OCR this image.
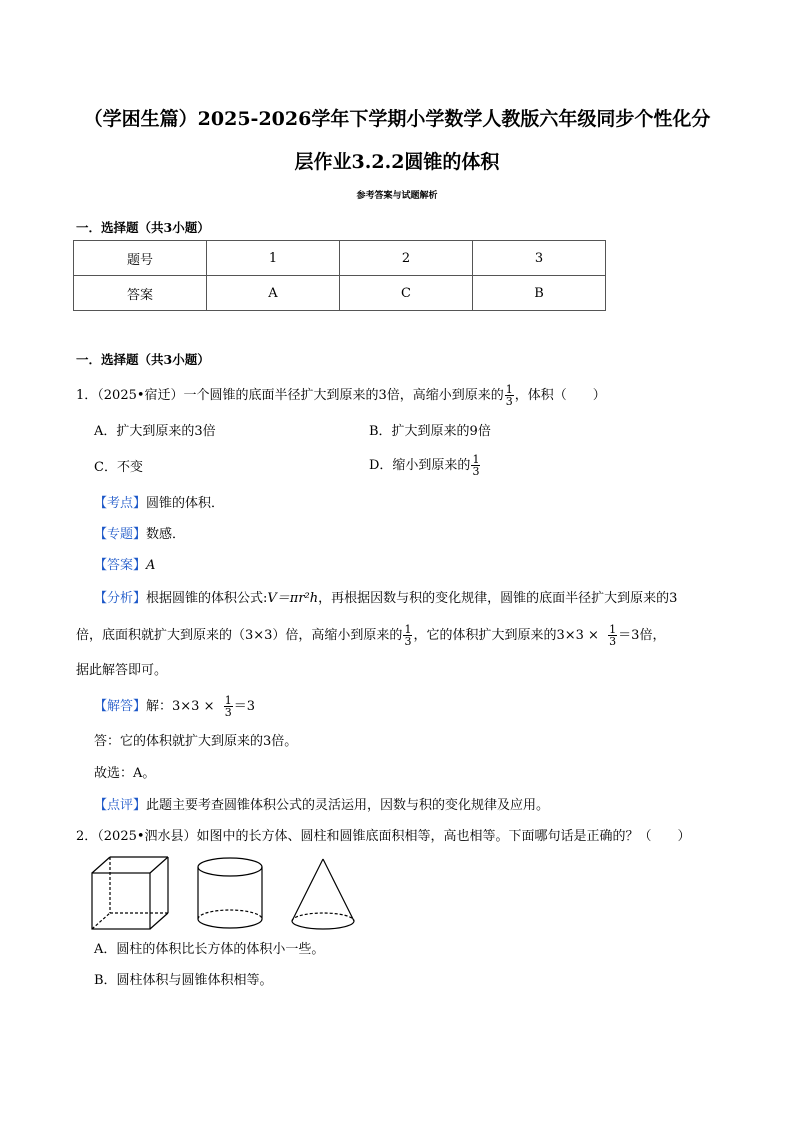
（学困生篇）2025-2026学年下学期小学数学人教版六年级同步个性化分
层作业3.2.2圆锥的体积
参考答案与试题解析
一．选择题（共3小题）
题号	1	2	3
答案	A	C	B
一．选择题（共3小题）
1．（2025•宿迁）一个圆锥的底面半径扩大到原来的3倍，高缩小到原来的 $\frac{1}{3}$ ，体积（　　）
A．扩大到原来的3倍	B．扩大到原来的9倍
C．不变	D．缩小到原来的 $\frac{1}{3}$
【考点】圆锥的体积．
【专题】数感．
【答案】A
【分析】根据圆锥的体积公式:V＝πr²h，再根据因数与积的变化规律，圆锥的底面半径扩大到原来的3
倍，底面积就扩大到原来的（3×3）倍，高缩小到原来的 $\frac{1}{3}$ ，它的体积扩大到原来的$3\times 3 \times \frac{1}{3} =3$倍，
据此解答即可。
【解答】解：$3\times 3 \times \frac{1}{3} =3$
答：它的体积就扩大到原来的3倍。
故选：A。
【点评】此题主要考查圆锥体积公式的灵活运用，因数与积的变化规律及应用。
2．（2025•泗水县）如图中的长方体、圆柱和圆锥底面积相等，高也相等。下面哪句话是正确的？（　　）
A．圆柱的体积比长方体的体积小一些。
B．圆柱体积与圆锥体积相等。
